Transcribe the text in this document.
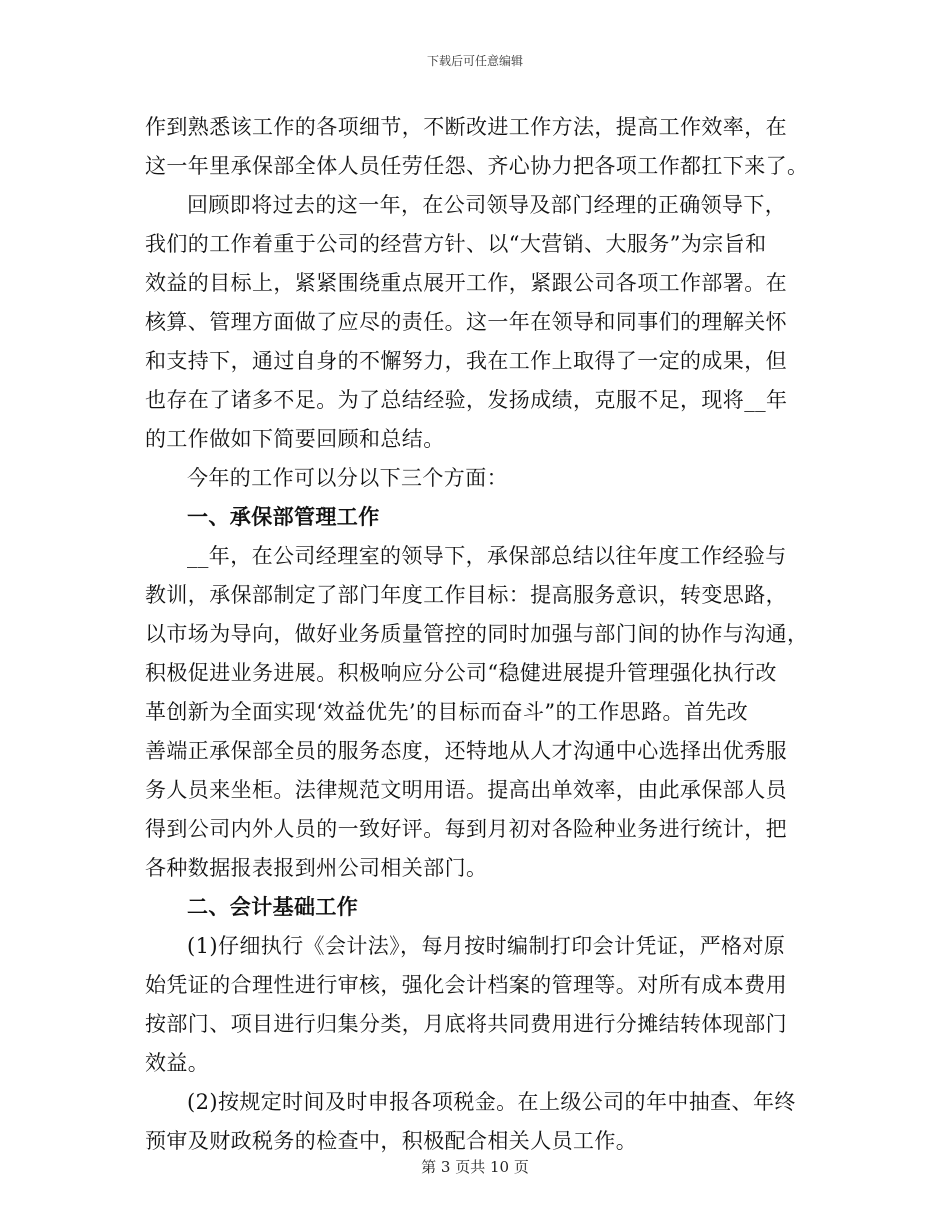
下载后可任意编辑
作到熟悉该工作的各项细节，不断改进工作方法，提高工作效率，在
这一年里承保部全体人员任劳任怨、齐心协力把各项工作都扛下来了。
回顾即将过去的这一年，在公司领导及部门经理的正确领导下，
我们的工作着重于公司的经营方针、以“大营销、大服务”为宗旨和
效益的目标上，紧紧围绕重点展开工作，紧跟公司各项工作部署。在
核算、管理方面做了应尽的责任。这一年在领导和同事们的理解关怀
和支持下，通过自身的不懈努力，我在工作上取得了一定的成果，但
也存在了诸多不足。为了总结经验，发扬成绩，克服不足，现将__年
的工作做如下简要回顾和总结。
今年的工作可以分以下三个方面：
一、承保部管理工作
__年，在公司经理室的领导下，承保部总结以往年度工作经验与
教训，承保部制定了部门年度工作目标：提高服务意识，转变思路，
以市场为导向，做好业务质量管控的同时加强与部门间的协作与沟通，
积极促进业务进展。积极响应分公司“稳健进展提升管理强化执行改
革创新为全面实现‘效益优先’的目标而奋斗”的工作思路。首先改
善端正承保部全员的服务态度，还特地从人才沟通中心选择出优秀服
务人员来坐柜。法律规范文明用语。提高出单效率，由此承保部人员
得到公司内外人员的一致好评。每到月初对各险种业务进行统计，把
各种数据报表报到州公司相关部门。
二、会计基础工作
(1)仔细执行《会计法》，每月按时编制打印会计凭证，严格对原
始凭证的合理性进行审核，强化会计档案的管理等。对所有成本费用
按部门、项目进行归集分类，月底将共同费用进行分摊结转体现部门
效益。
(2)按规定时间及时申报各项税金。在上级公司的年中抽查、年终
预审及财政税务的检查中，积极配合相关人员工作。
第 3 页共 10 页
